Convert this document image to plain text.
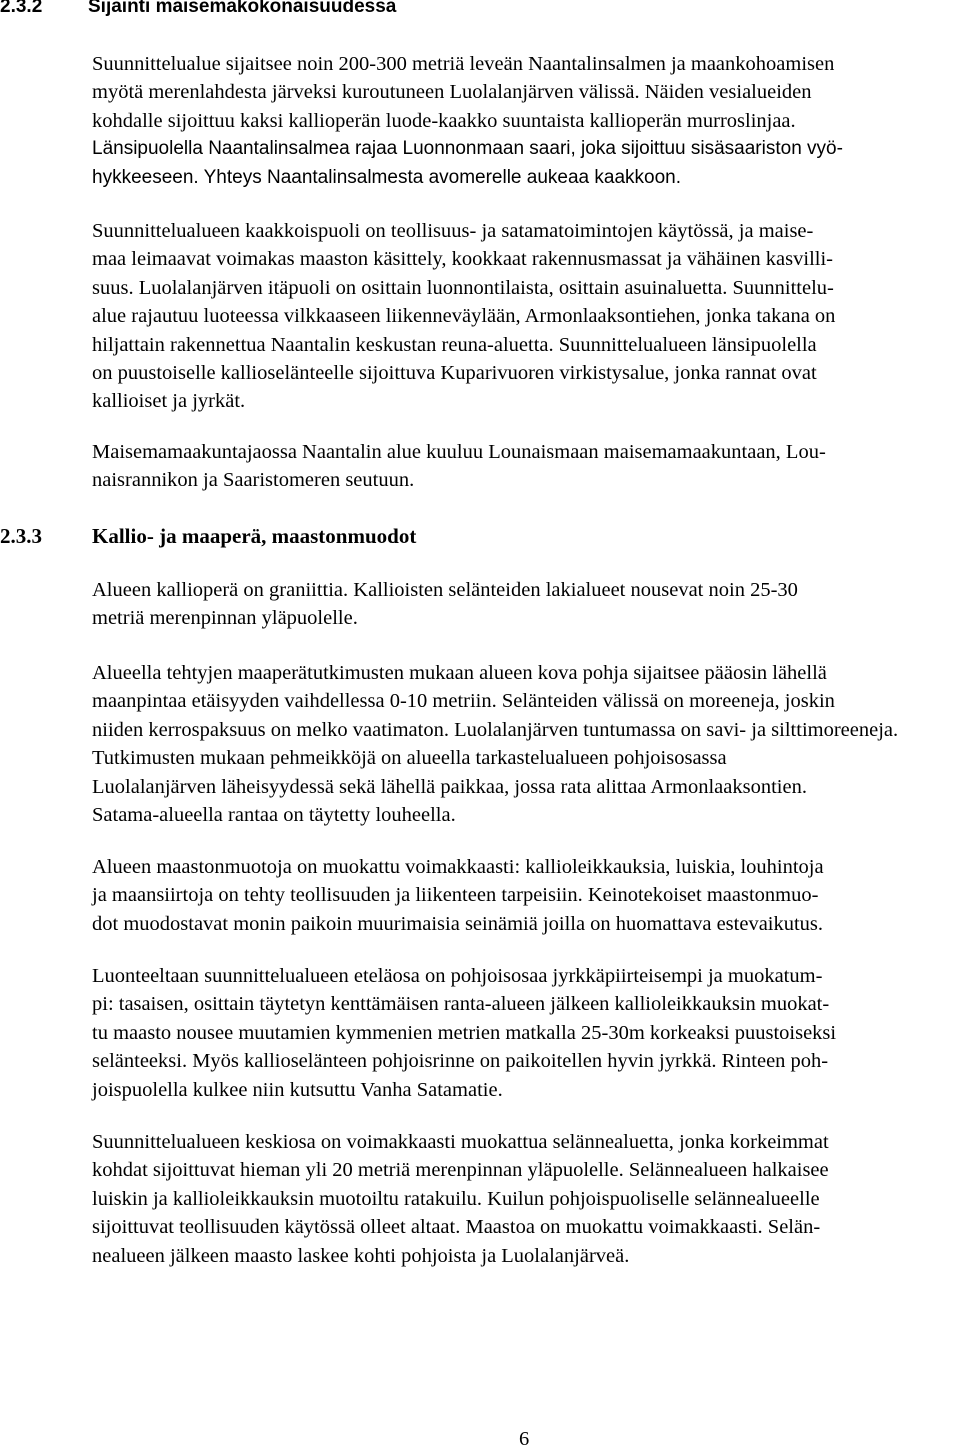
2.3.2 Sijainti maisemakokonaisuudessa
Suunnittelualue sijaitsee noin 200-300 metriä leveän Naantalinsalmen ja maankohoamisen
myötä merenlahdesta järveksi kuroutuneen Luolalanjärven välissä. Näiden vesialueiden
kohdalle sijoittuu kaksi kallioperän luode-kaakko suuntaista kallioperän murroslinjaa.
Länsipuolella Naantalinsalmea rajaa Luonnonmaan saari, joka sijoittuu sisäsaariston vyö-
hykkeeseen. Yhteys Naantalinsalmesta avomerelle aukeaa kaakkoon.
Suunnittelualueen kaakkoispuoli on teollisuus- ja satamatoimintojen käytössä, ja maise-
maa leimaavat voimakas maaston käsittely, kookkaat rakennusmassat ja vähäinen kasvilli-
suus. Luolalanjärven itäpuoli on osittain luonnontilaista, osittain asuinaluetta. Suunnittelu-
alue rajautuu luoteessa vilkkaaseen liikenneväylään, Armonlaaksontiehen, jonka takana on
hiljattain rakennettua Naantalin keskustan reuna-aluetta. Suunnittelualueen länsipuolella
on puustoiselle kallioselänteelle sijoittuva Kuparivuoren virkistysalue, jonka rannat ovat
kallioiset ja jyrkät.
Maisemamaakuntajaossa Naantalin alue kuuluu Lounaismaan maisemamaakuntaan, Lou-
naisrannikon ja Saaristomeren seutuun.
2.3.3 Kallio- ja maaperä, maastonmuodot
Alueen kallioperä on graniittia. Kallioisten selänteiden lakialueet nousevat noin 25-30
metriä merenpinnan yläpuolelle.
Alueella tehtyjen maaperätutkimusten mukaan alueen kova pohja sijaitsee pääosin lähellä
maanpintaa etäisyyden vaihdellessa 0-10 metriin. Selänteiden välissä on moreeneja, joskin
niiden kerrospaksuus on melko vaatimaton. Luolalanjärven tuntumassa on savi- ja silttimoreeneja. Tutkimusten mukaan pehmeikköjä on alueella tarkastelualueen pohjoisosassa
Luolalanjärven läheisyydessä sekä lähellä paikkaa, jossa rata alittaa Armonlaaksontien.
Satama-alueella rantaa on täytetty louheella.
Alueen maastonmuotoja on muokattu voimakkaasti: kallioleikkauksia, luiskia, louhintoja
ja maansiirtoja on tehty teollisuuden ja liikenteen tarpeisiin. Keinotekoiset maastonmuo-
dot muodostavat monin paikoin muurimaisia seinämiä joilla on huomattava estevaikutus.
Luonteeltaan suunnittelualueen eteläosa on pohjoisosaa jyrkkäpiirteisempi ja muokatum-
pi: tasaisen, osittain täytetyn kenttämäisen ranta-alueen jälkeen kallioleikkauksin muokat-
tu maasto nousee muutamien kymmenien metrien matkalla 25-30m korkeaksi puustoiseksi
selänteeksi. Myös kallioselänteen pohjoisrinne on paikoitellen hyvin jyrkkä. Rinteen poh-
joispuolella kulkee niin kutsuttu Vanha Satamatie.
Suunnittelualueen keskiosa on voimakkaasti muokattua selännealuetta, jonka korkeimmat
kohdat sijoittuvat hieman yli 20 metriä merenpinnan yläpuolelle. Selännealueen halkaisee
luiskin ja kallioleikkauksin muotoiltu ratakuilu. Kuilun pohjoispuoliselle selännealueelle
sijoittuvat teollisuuden käytössä olleet altaat. Maastoa on muokattu voimakkaasti. Selän-
nealueen jälkeen maasto laskee kohti pohjoista ja Luolalanjärveä.
6
